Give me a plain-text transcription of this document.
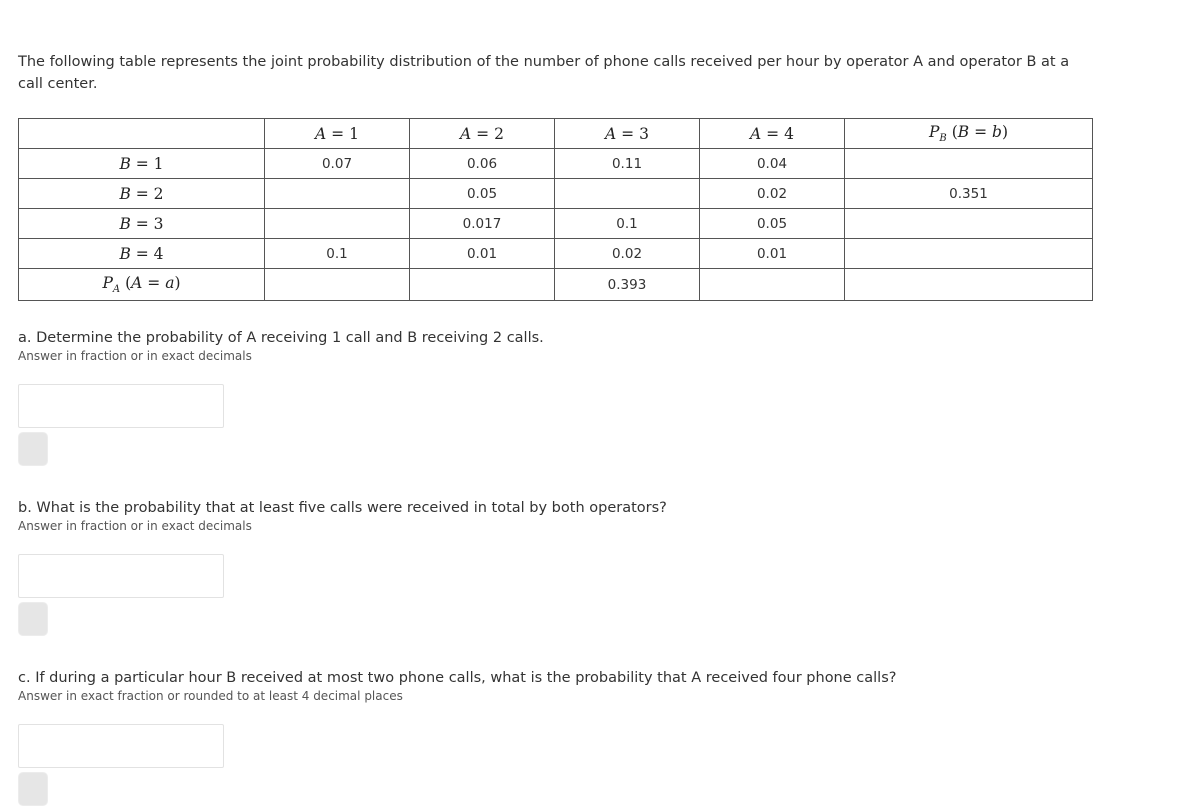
The following table represents the joint probability distribution of the number of phone calls received per hour by operator A and operator B at a call center.
	A = 1	A = 2	A = 3	A = 4	$P_B$ (B = b)
B = 1	0.07	0.06	0.11	0.04	
B = 2		0.05		0.02	0.351
B = 3		0.017	0.1	0.05	
B = 4	0.1	0.01	0.02	0.01	
$P_A$ (A = a)			0.393		
a. Determine the probability of A receiving 1 call and B receiving 2 calls.
Answer in fraction or in exact decimals
b. What is the probability that at least five calls were received in total by both operators?
Answer in fraction or in exact decimals
c. If during a particular hour B received at most two phone calls, what is the probability that A received four phone calls?
Answer in exact fraction or rounded to at least 4 decimal places
